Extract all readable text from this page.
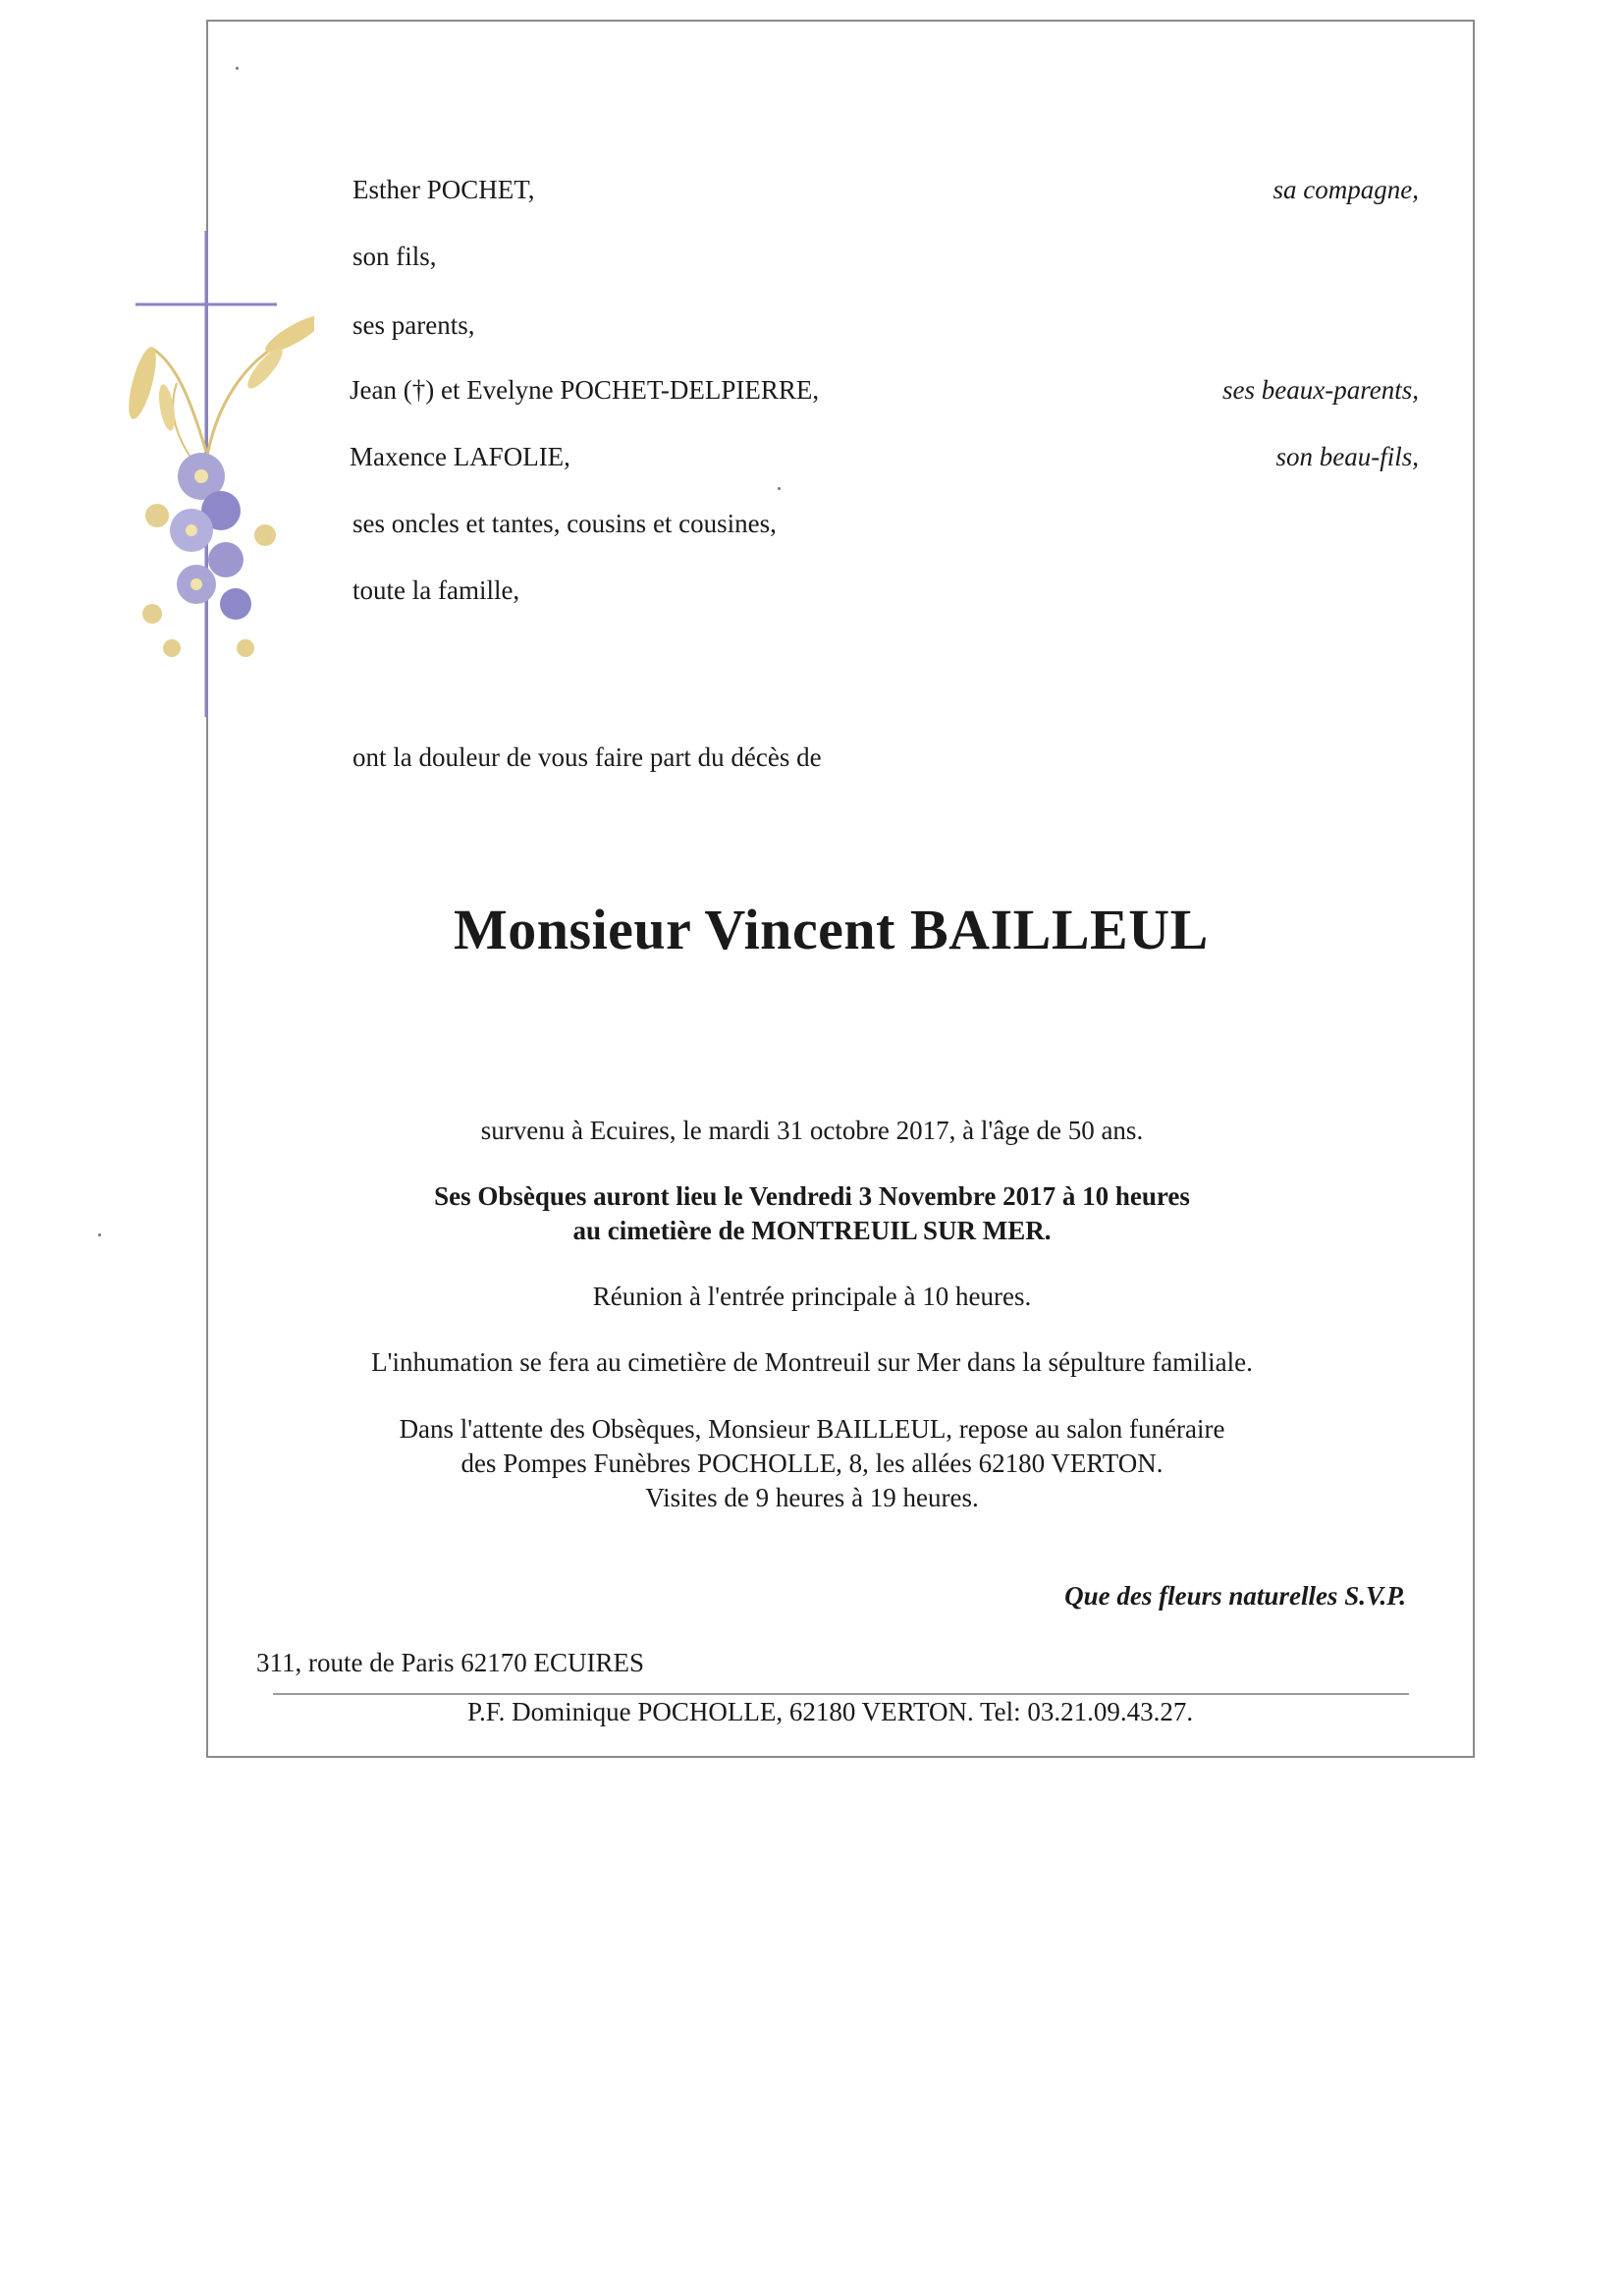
Esther POCHET,	sa compagne,
son fils,
ses parents,
Jean (†) et Evelyne POCHET-DELPIERRE,	ses beaux-parents,
Maxence LAFOLIE,	son beau-fils,
ses oncles et tantes, cousins et cousines,
toute la famille,
ont la douleur de vous faire part du décès de
Monsieur Vincent BAILLEUL
survenu à Ecuires, le mardi 31 octobre 2017, à l'âge de 50 ans.
Ses Obsèques auront lieu le Vendredi 3 Novembre 2017 à 10 heures
au cimetière de MONTREUIL SUR MER.
Réunion à l'entrée principale à 10 heures.
L'inhumation se fera au cimetière de Montreuil sur Mer dans la sépulture familiale.
Dans l'attente des Obsèques, Monsieur BAILLEUL, repose au salon funéraire
des Pompes Funèbres POCHOLLE, 8, les allées 62180 VERTON.
Visites de 9 heures à 19 heures.
Que des fleurs naturelles S.V.P.
311, route de Paris 62170 ECUIRES
P.F. Dominique POCHOLLE, 62180 VERTON. Tel: 03.21.09.43.27.
